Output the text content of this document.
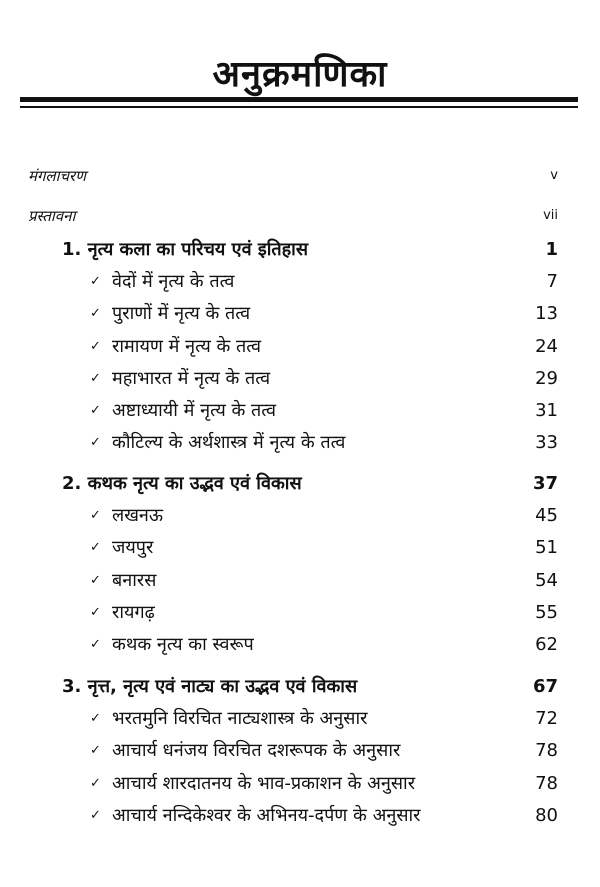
अनुक्रमणिका
मंगलाचरण	v
प्रस्तावना	vii
1. नृत्य कला का परिचय एवं इतिहास	1
✓ वेदों में नृत्य के तत्व	7
✓ पुराणों में नृत्य के तत्व	13
✓ रामायण में नृत्य के तत्व	24
✓ महाभारत में नृत्य के तत्व	29
✓ अष्टाध्यायी में नृत्य के तत्व	31
✓ कौटिल्य के अर्थशास्त्र में नृत्य के तत्व	33
2. कथक नृत्य का उद्भव एवं विकास	37
✓ लखनऊ	45
✓ जयपुर	51
✓ बनारस	54
✓ रायगढ़	55
✓ कथक नृत्य का स्वरूप	62
3. नृत्त, नृत्य एवं नाट्य का उद्भव एवं विकास	67
✓ भरतमुनि विरचित नाट्यशास्त्र के अनुसार	72
✓ आचार्य धनंजय विरचित दशरूपक के अनुसार	78
✓ आचार्य शारदातनय के भाव-प्रकाशन के अनुसार	78
✓ आचार्य नन्दिकेश्वर के अभिनय-दर्पण के अनुसार	80
